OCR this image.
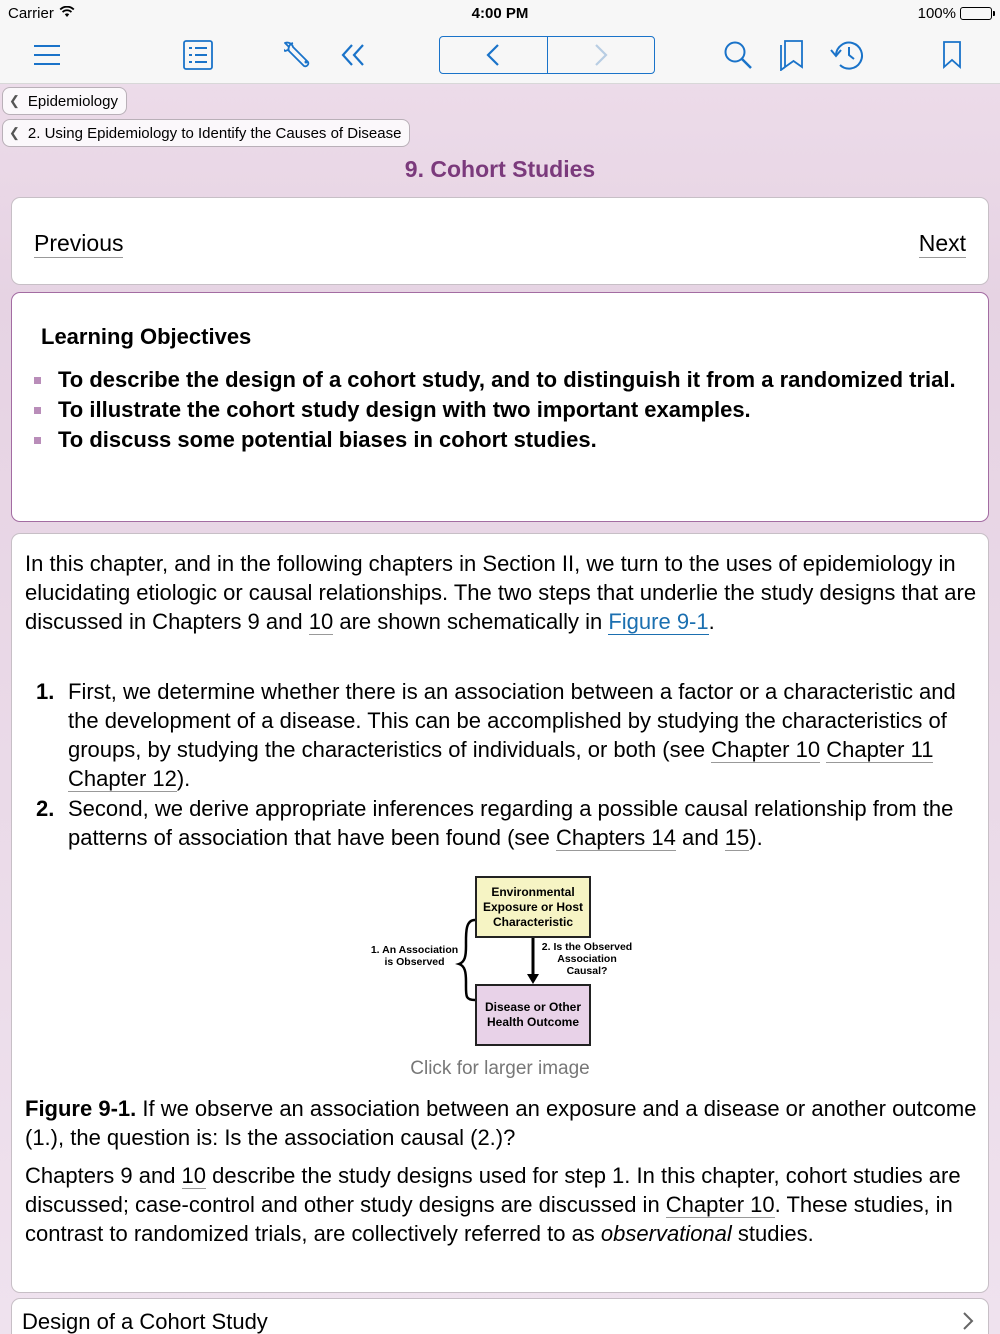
Carrier	4:00 PM	100%
❮ Epidemiology
❮ 2. Using Epidemiology to Identify the Causes of Disease
9. Cohort Studies
Previous	Next
Learning Objectives
To describe the design of a cohort study, and to distinguish it from a randomized trial.
To illustrate the cohort study design with two important examples.
To discuss some potential biases in cohort studies.

In this chapter, and in the following chapters in Section II, we turn to the uses of epidemiology in elucidating etiologic or causal relationships. The two steps that underlie the study designs that are discussed in Chapters 9 and 10 are shown schematically in Figure 9-1.

1. First, we determine whether there is an association between a factor or a characteristic and the development of a disease. This can be accomplished by studying the characteristics of groups, by studying the characteristics of individuals, or both (see Chapter 10 Chapter 11 Chapter 12).
2. Second, we derive appropriate inferences regarding a possible causal relationship from the patterns of association that have been found (see Chapters 14 and 15).
Environmental Exposure or Host Characteristic
Disease or Other Health Outcome
1. An Association is Observed
2. Is the Observed Association Causal?
Click for larger image

Figure 9-1. If we observe an association between an exposure and a disease or another outcome (1.), the question is: Is the association causal (2.)?

Chapters 9 and 10 describe the study designs used for step 1. In this chapter, cohort studies are discussed; case-control and other study designs are discussed in Chapter 10. These studies, in contrast to randomized trials, are collectively referred to as observational studies.

Design of a Cohort Study
